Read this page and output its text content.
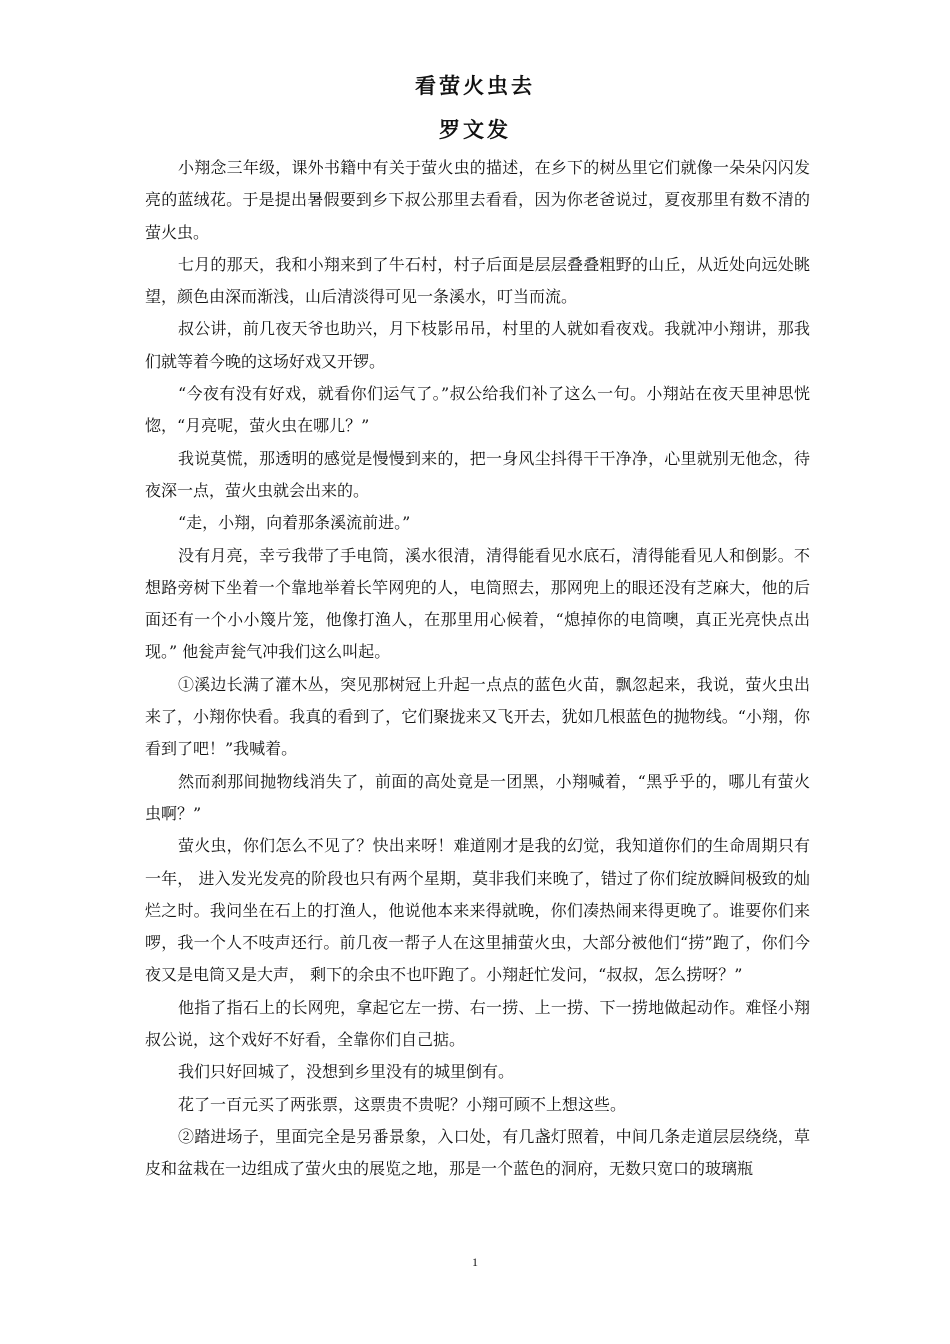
看萤火虫去
罗文发

小翔念三年级，课外书籍中有关于萤火虫的描述，在乡下的树丛里它们就像一朵朵闪闪发亮的蓝绒花。于是提出暑假要到乡下叔公那里去看看，因为你老爸说过，夏夜那里有数不清的萤火虫。

七月的那天，我和小翔来到了牛石村，村子后面是层层叠叠粗野的山丘，从近处向远处眺望，颜色由深而渐浅，山后清淡得可见一条溪水，叮当而流。

叔公讲，前几夜天爷也助兴，月下枝影吊吊，村里的人就如看夜戏。我就冲小翔讲，那我们就等着今晚的这场好戏又开锣。

“今夜有没有好戏，就看你们运气了。”叔公给我们补了这么一句。小翔站在夜天里神思恍惚，“月亮呢，萤火虫在哪儿？”

我说莫慌，那透明的感觉是慢慢到来的，把一身风尘抖得干干净净，心里就别无他念，待夜深一点，萤火虫就会出来的。

“走，小翔，向着那条溪流前进。”

没有月亮，幸亏我带了手电筒，溪水很清，清得能看见水底石，清得能看见人和倒影。不想路旁树下坐着一个靠地举着长竿网兜的人，电筒照去，那网兜上的眼还没有芝麻大，他的后面还有一个小小篾片笼，他像打渔人，在那里用心候着，“熄掉你的电筒噢，真正光亮快点出现。” 他瓮声瓮气冲我们这么叫起。

①溪边长满了灌木丛，突见那树冠上升起一点点的蓝色火苗，飘忽起来，我说，萤火虫出来了，小翔你快看。我真的看到了，它们聚拢来又飞开去，犹如几根蓝色的抛物线。“小翔，你看到了吧！”我喊着。

然而刹那间抛物线消失了，前面的高处竟是一团黑，小翔喊着，“黑乎乎的，哪儿有萤火虫啊？”

萤火虫，你们怎么不见了？快出来呀！难道刚才是我的幻觉，我知道你们的生命周期只有一年， 进入发光发亮的阶段也只有两个星期，莫非我们来晚了，错过了你们绽放瞬间极致的灿烂之时。我问坐在石上的打渔人，他说他本来来得就晚，你们凑热闹来得更晚了。谁要你们来啰，我一个人不吱声还行。前几夜一帮子人在这里捕萤火虫，大部分被他们“捞”跑了，你们今夜又是电筒又是大声， 剩下的余虫不也吓跑了。小翔赶忙发问，“叔叔，怎么捞呀？”

他指了指石上的长网兜，拿起它左一捞、右一捞、上一捞、下一捞地做起动作。难怪小翔叔公说，这个戏好不好看，全靠你们自己掂。

我们只好回城了，没想到乡里没有的城里倒有。

花了一百元买了两张票，这票贵不贵呢？小翔可顾不上想这些。

②踏进场子，里面完全是另番景象，入口处，有几盏灯照着，中间几条走道层层绕绕，草皮和盆栽在一边组成了萤火虫的展览之地，那是一个蓝色的洞府，无数只宽口的玻璃瓶

1
